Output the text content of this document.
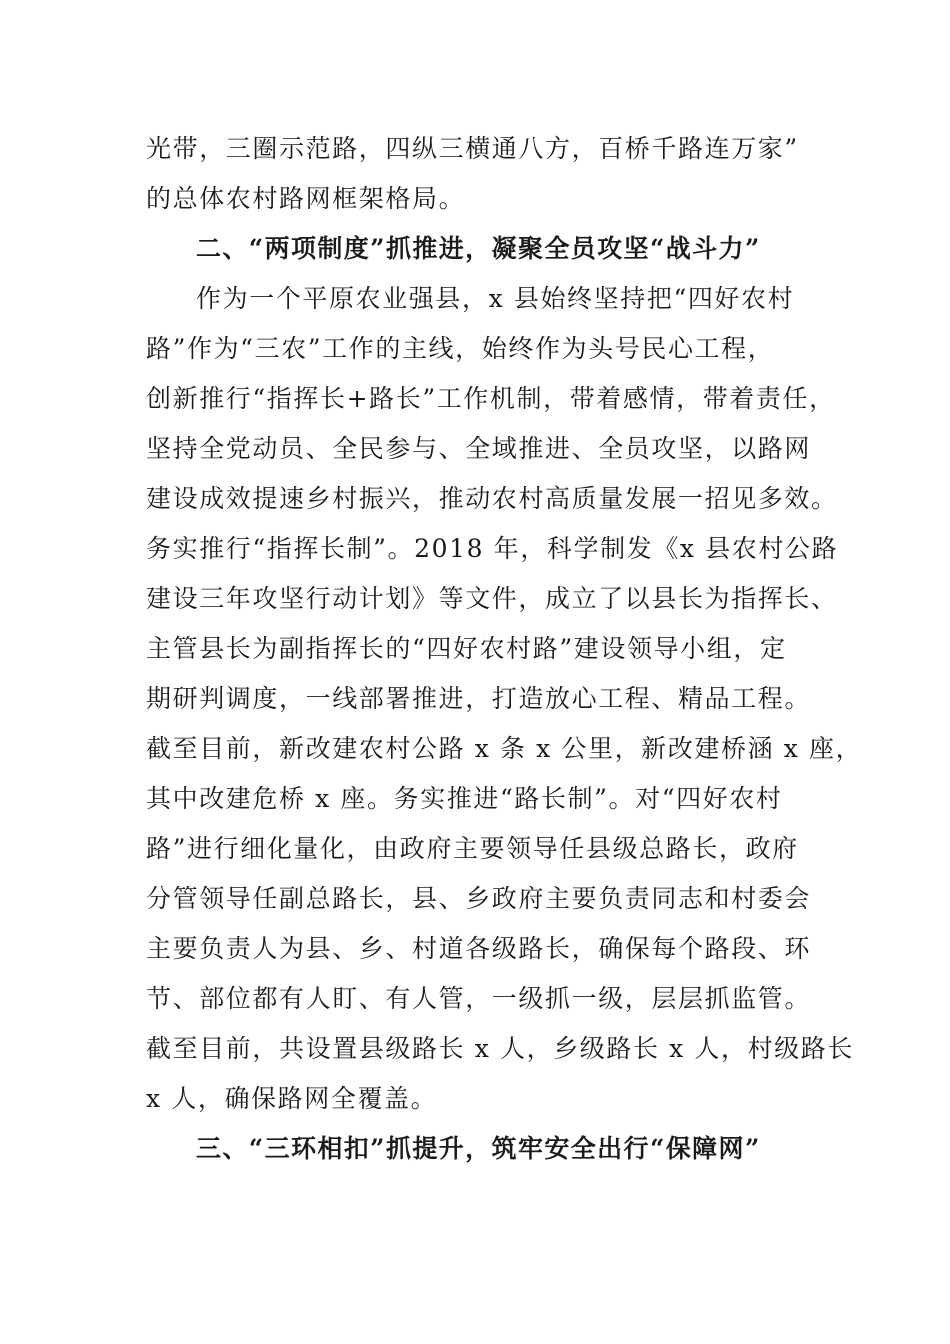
光带，三圈示范路，四纵三横通八方，百桥千路连万家”
的总体农村路网框架格局。
二、“两项制度”抓推进，凝聚全员攻坚“战斗力”
作为一个平原农业强县，x 县始终坚持把“四好农村
路”作为“三农”工作的主线，始终作为头号民心工程，
创新推行“指挥长+路长”工作机制，带着感情，带着责任，
坚持全党动员、全民参与、全域推进、全员攻坚，以路网
建设成效提速乡村振兴，推动农村高质量发展一招见多效。
务实推行“指挥长制”。2018 年，科学制发《x 县农村公路
建设三年攻坚行动计划》等文件，成立了以县长为指挥长、
主管县长为副指挥长的“四好农村路”建设领导小组，定
期研判调度，一线部署推进，打造放心工程、精品工程。
截至目前，新改建农村公路 x 条 x 公里，新改建桥涵 x 座，
其中改建危桥 x 座。务实推进“路长制”。对“四好农村
路”进行细化量化，由政府主要领导任县级总路长，政府
分管领导任副总路长，县、乡政府主要负责同志和村委会
主要负责人为县、乡、村道各级路长，确保每个路段、环
节、部位都有人盯、有人管，一级抓一级，层层抓监管。
截至目前，共设置县级路长 x 人，乡级路长 x 人，村级路长
x 人，确保路网全覆盖。
三、“三环相扣”抓提升，筑牢安全出行“保障网”
